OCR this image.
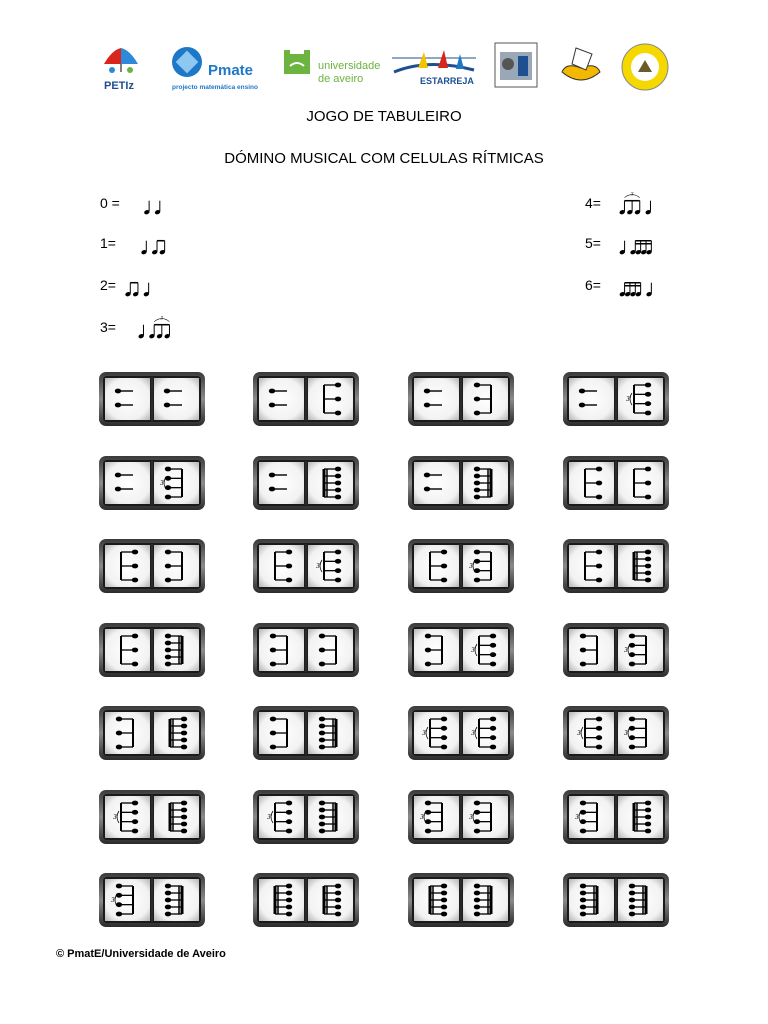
PETIz
Pmate
projecto matemática ensino
universidade
de aveiro	ESTARREJA
JOGO DE TABULEIRO
DÓMINO MUSICAL COM CELULAS RÍTMICAS
0 =
1=
2=
3=
3
4=
3
5=
6=
3
3
3	3
3	3
3	3	3	3
3	3	3	3	3
3
© PmatE/Universidade de Aveiro
